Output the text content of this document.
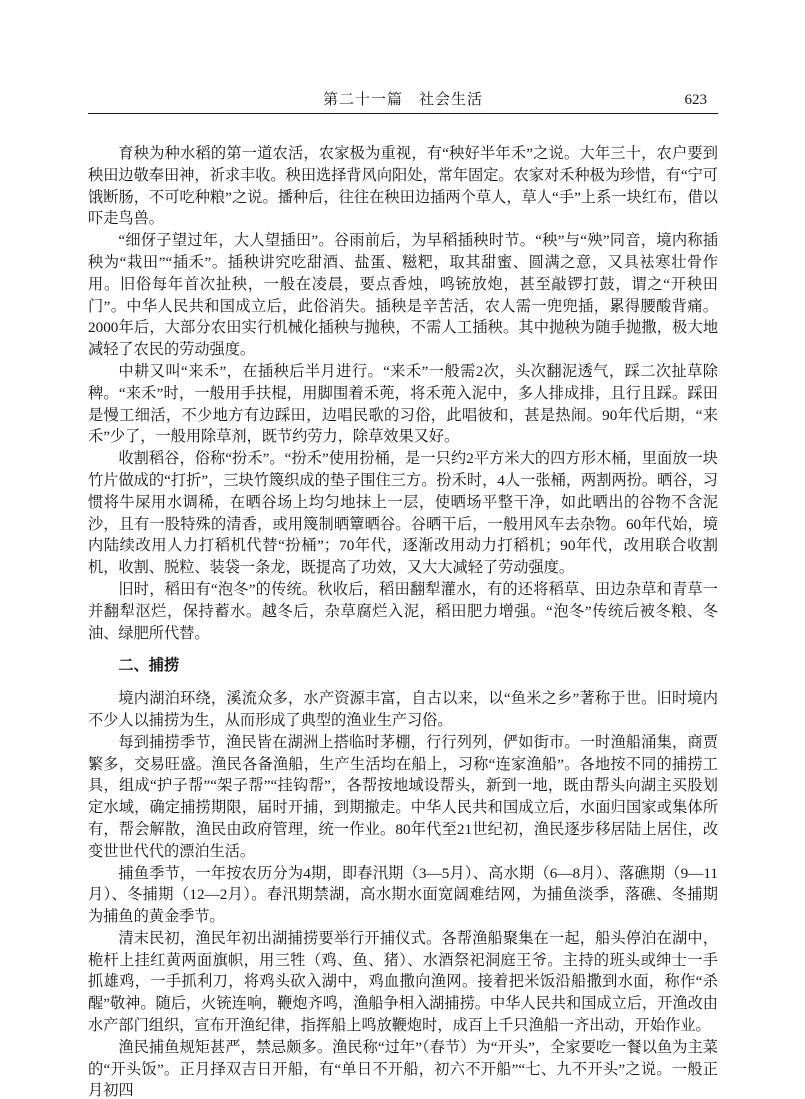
第二十一篇　社会生活	623

育秧为种水稻的第一道农活，农家极为重视，有“秧好半年禾”之说。大年三十，农户要到秧田边敬奉田神，祈求丰收。秧田选择背风向阳处，常年固定。农家对禾种极为珍惜，有“宁可饿断肠，不可吃种粮”之说。播种后，往往在秧田边插两个草人，草人“手”上系一块红布，借以吓走鸟兽。

“细伢子望过年，大人望插田”。谷雨前后，为早稻插秧时节。“秧”与“殃”同音，境内称插秧为“栽田”“插禾”。插秧讲究吃甜酒、盐蛋、糍粑，取其甜蜜、圆满之意，又具袪寒壮骨作用。旧俗每年首次扯秧，一般在凌晨，要点香烛，鸣铳放炮，甚至敲锣打鼓，谓之“开秧田门”。中华人民共和国成立后，此俗消失。插秧是辛苦活，农人需一兜兜插，累得腰酸背痛。2000年后，大部分农田实行机械化插秧与抛秧，不需人工插秧。其中抛秧为随手抛撒，极大地减轻了农民的劳动强度。

中耕又叫“来禾”，在插秧后半月进行。“来禾”一般需2次，头次翻泥透气，踩二次扯草除稗。“来禾”时，一般用手扶棍，用脚围着禾蔸，将禾蔸入泥中，多人排成排，且行且踩。踩田是慢工细活，不少地方有边踩田，边唱民歌的习俗，此唱彼和，甚是热闹。90年代后期，“来禾”少了，一般用除草剂，既节约劳力，除草效果又好。

收割稻谷，俗称“扮禾”。“扮禾”使用扮桶，是一只约2平方米大的四方形木桶，里面放一块竹片做成的“打折”，三块竹篾织成的垫子围住三方。扮禾时，4人一张桶，两割两扮。晒谷，习惯将牛屎用水调稀，在晒谷场上均匀地抹上一层，使晒场平整干净，如此晒出的谷物不含泥沙，且有一股特殊的清香，或用篾制晒簟晒谷。谷晒干后，一般用风车去杂物。60年代始，境内陆续改用人力打稻机代替“扮桶”；70年代，逐渐改用动力打稻机；90年代，改用联合收割机，收割、脱粒、装袋一条龙，既提高了功效，又大大减轻了劳动强度。

旧时，稻田有“泡冬”的传统。秋收后，稻田翻犁灌水，有的还将稻草、田边杂草和青草一并翻犁沤烂，保持蓄水。越冬后，杂草腐烂入泥，稻田肥力增强。“泡冬”传统后被冬粮、冬油、绿肥所代替。

二、捕捞

境内湖泊环绕，溪流众多，水产资源丰富，自古以来，以“鱼米之乡”著称于世。旧时境内不少人以捕捞为生，从而形成了典型的渔业生产习俗。

每到捕捞季节，渔民皆在湖洲上搭临时茅棚，行行列列，俨如街市。一时渔船涌集，商贾繁多，交易旺盛。渔民各备渔船，生产生活均在船上，习称“连家渔船”。各地按不同的捕捞工具，组成“护子帮”“架子帮”“挂钩帮”，各帮按地域设帮头，新到一地，既由帮头向湖主买股划定水域，确定捕捞期限，届时开捕，到期撤走。中华人民共和国成立后，水面归国家或集体所有，帮会解散，渔民由政府管理，统一作业。80年代至21世纪初，渔民逐步移居陆上居住，改变世世代代的漂泊生活。

捕鱼季节，一年按农历分为4期，即春汛期（3—5月）、高水期（6—8月）、落礁期（9—11月）、冬捕期（12—2月）。春汛期禁湖，高水期水面宽阔难结网，为捕鱼淡季，落礁、冬捕期为捕鱼的黄金季节。

清末民初，渔民年初出湖捕捞要举行开捕仪式。各帮渔船聚集在一起，船头停泊在湖中，桅杆上挂红黄两面旗帜，用三牲（鸡、鱼、猪）、水酒祭祀洞庭王爷。主持的班头或绅士一手抓雄鸡，一手抓利刀，将鸡头砍入湖中，鸡血撒向渔网。接着把米饭沿船撒到水面，称作“杀醒”敬神。随后，火铳连响，鞭炮齐鸣，渔船争相入湖捕捞。中华人民共和国成立后，开渔改由水产部门组织，宣布开渔纪律，指挥船上鸣放鞭炮时，成百上千只渔船一齐出动，开始作业。

渔民捕鱼规矩甚严，禁忌颇多。渔民称“过年”（春节）为“开头”，全家要吃一餐以鱼为主菜的“开头饭”。正月择双吉日开船，有“单日不开船，初六不开船”“七、九不开头”之说。一般正月初四
